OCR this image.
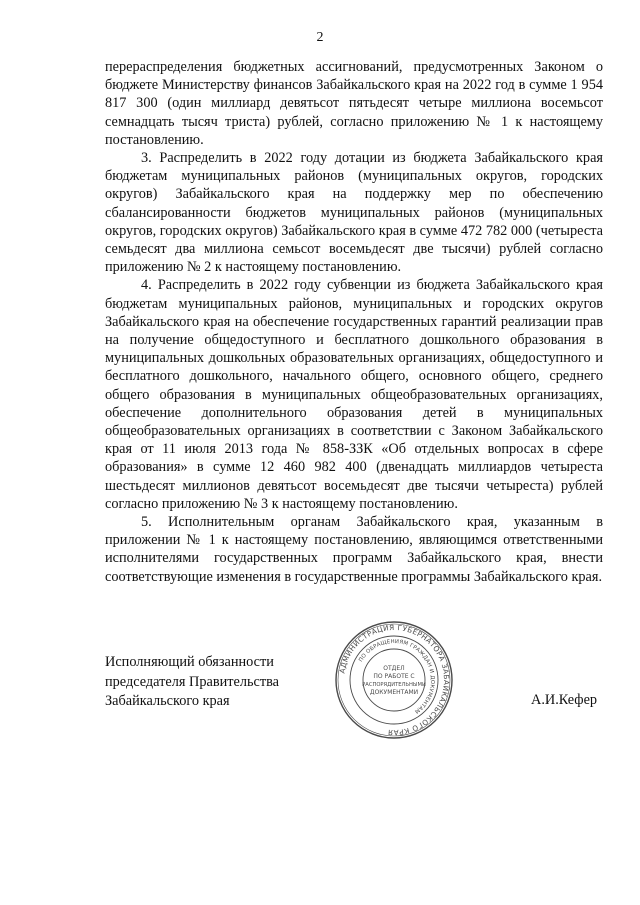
2

перераспределения бюджетных ассигнований, предусмотренных Законом о бюджете Министерству финансов Забайкальского края на 2022 год в сумме 1 954 817 300 (один миллиард девятьсот пятьдесят четыре миллиона восемьсот семнадцать тысяч триста) рублей, согласно приложению № 1 к настоящему постановлению.

3. Распределить в 2022 году дотации из бюджета Забайкальского края бюджетам муниципальных районов (муниципальных округов, городских округов) Забайкальского края на поддержку мер по обеспечению сбалансированности бюджетов муниципальных районов (муниципальных округов, городских округов) Забайкальского края в сумме 472 782 000 (четыреста семьдесят два миллиона семьсот восемьдесят две тысячи) рублей согласно приложению № 2 к настоящему постановлению.

4. Распределить в 2022 году субвенции из бюджета Забайкальского края бюджетам муниципальных районов, муниципальных и городских округов Забайкальского края на обеспечение государственных гарантий реализации прав на получение общедоступного и бесплатного дошкольного образования в муниципальных дошкольных образовательных организациях, общедоступного и бесплатного дошкольного, начального общего, основного общего, среднего общего образования в муниципальных общеобразовательных организациях, обеспечение дополнительного образования детей в муниципальных общеобразовательных организациях в соответствии с Законом Забайкальского края от 11 июля 2013 года № 858-ЗЗК «Об отдельных вопросах в сфере образования» в сумме 12 460 982 400 (двенадцать миллиардов четыреста шестьдесят миллионов девятьсот восемьдесят две тысячи четыреста) рублей согласно приложению № 3 к настоящему постановлению.

5. Исполнительным органам Забайкальского края, указанным в приложении № 1 к настоящему постановлению, являющимся ответственными исполнителями государственных программ Забайкальского края, внести соответствующие изменения в государственные программы Забайкальского края.

Исполняющий обязанности
председателя Правительства
Забайкальского края	А.И.Кефер
АДМИНИСТРАЦИЯ ГУБЕРНАТОРА ЗАБАЙКАЛЬСКОГО КРАЯ
ПО ОБРАЩЕНИЯМ ГРАЖДАН И ДОКУМЕНТАМ
ОТДЕЛ
ПО РАБОТЕ С
РАСПОРЯДИТЕЛЬНЫМИ
ДОКУМЕНТАМИ
